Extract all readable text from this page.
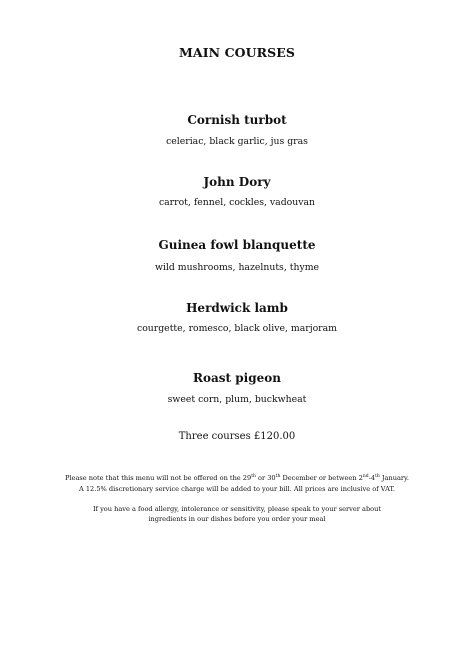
MAIN COURSES
Cornish turbot
celeriac, black garlic, jus gras
John Dory
carrot, fennel, cockles, vadouvan
Guinea fowl blanquette
wild mushrooms, hazelnuts, thyme
Herdwick lamb
courgette, romesco, black olive, marjoram
Roast pigeon
sweet corn, plum, buckwheat
Three courses £120.00
Please note that this menu will not be offered on the 29th or 30th December or between 2nd-4th January.
A 12.5% discretionary service charge will be added to your bill. All prices are inclusive of VAT.
If you have a food allergy, intolerance or sensitivity, please speak to your server about
ingredients in our dishes before you order your meal
